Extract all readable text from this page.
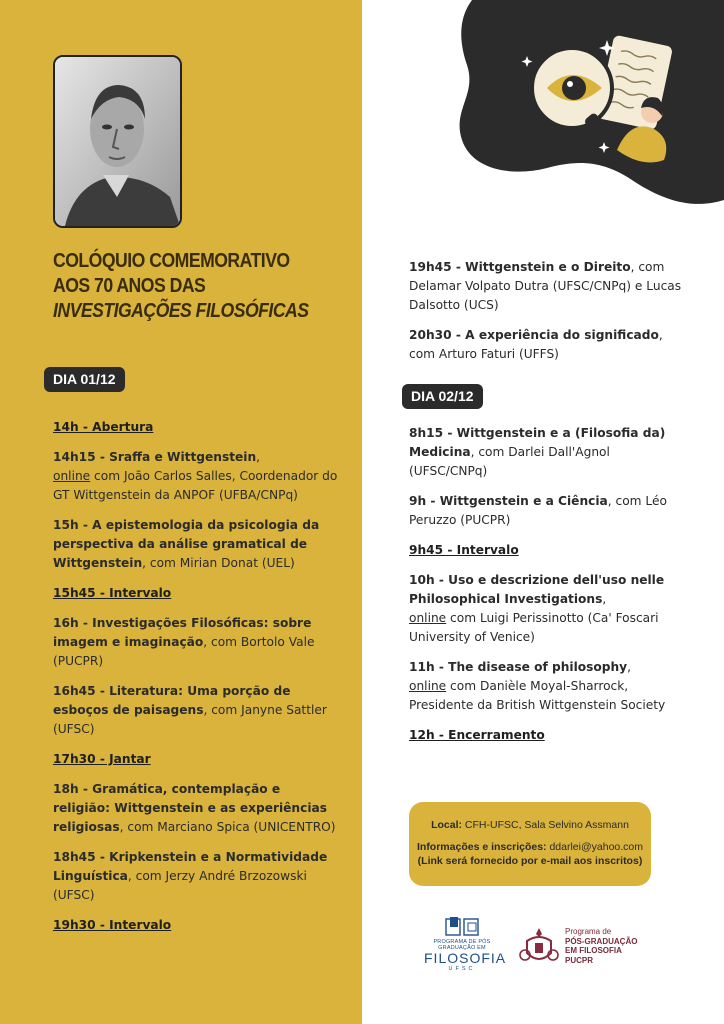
COLÓQUIO COMEMORATIVO
AOS 70 ANOS DAS
INVESTIGAÇÕES FILOSÓFICAS
DIA 01/12
DIA 02/12
14h - Abertura
14h15 - Sraffa e Wittgenstein,
online com João Carlos Salles, Coordenador do GT Wittgenstein da ANPOF (UFBA/CNPq)
15h - A epistemologia da psicologia da perspectiva da análise gramatical de Wittgenstein, com Mirian Donat (UEL)
15h45 - Intervalo
16h - Investigações Filosóficas: sobre imagem e imaginação, com Bortolo Vale (PUCPR)
16h45 - Literatura: Uma porção de esboços de paisagens, com Janyne Sattler (UFSC)
17h30 - Jantar
18h - Gramática, contemplação e religião: Wittgenstein e as experiências religiosas, com Marciano Spica (UNICENTRO)
18h45 - Kripkenstein e a Normatividade Linguística, com Jerzy André Brzozowski (UFSC)
19h30 - Intervalo
19h45 - Wittgenstein e o Direito, com Delamar Volpato Dutra (UFSC/CNPq) e Lucas Dalsotto (UCS)
20h30 - A experiência do significado, com Arturo Faturi (UFFS)
8h15 - Wittgenstein e a (Filosofia da) Medicina, com Darlei Dall'Agnol (UFSC/CNPq)
9h - Wittgenstein e a Ciência, com Léo Peruzzo (PUCPR)
9h45 - Intervalo
10h - Uso e descrizione dell'uso nelle Philosophical Investigations,
online com Luigi Perissinotto (Ca' Foscari University of Venice)
11h - The disease of philosophy,
online com Danièle Moyal-Sharrock, Presidente da British Wittgenstein Society
12h - Encerramento
Local: CFH-UFSC, Sala Selvino Assmann
Informações e inscrições: ddarlei@yahoo.com
(Link será fornecido por e-mail aos inscritos)
PROGRAMA DE PÓS
GRADUAÇÃO EM
FILOSOFIA
UFSC
Programa de
PÓS-GRADUAÇÃO
EM FILOSOFIA
PUCPR
